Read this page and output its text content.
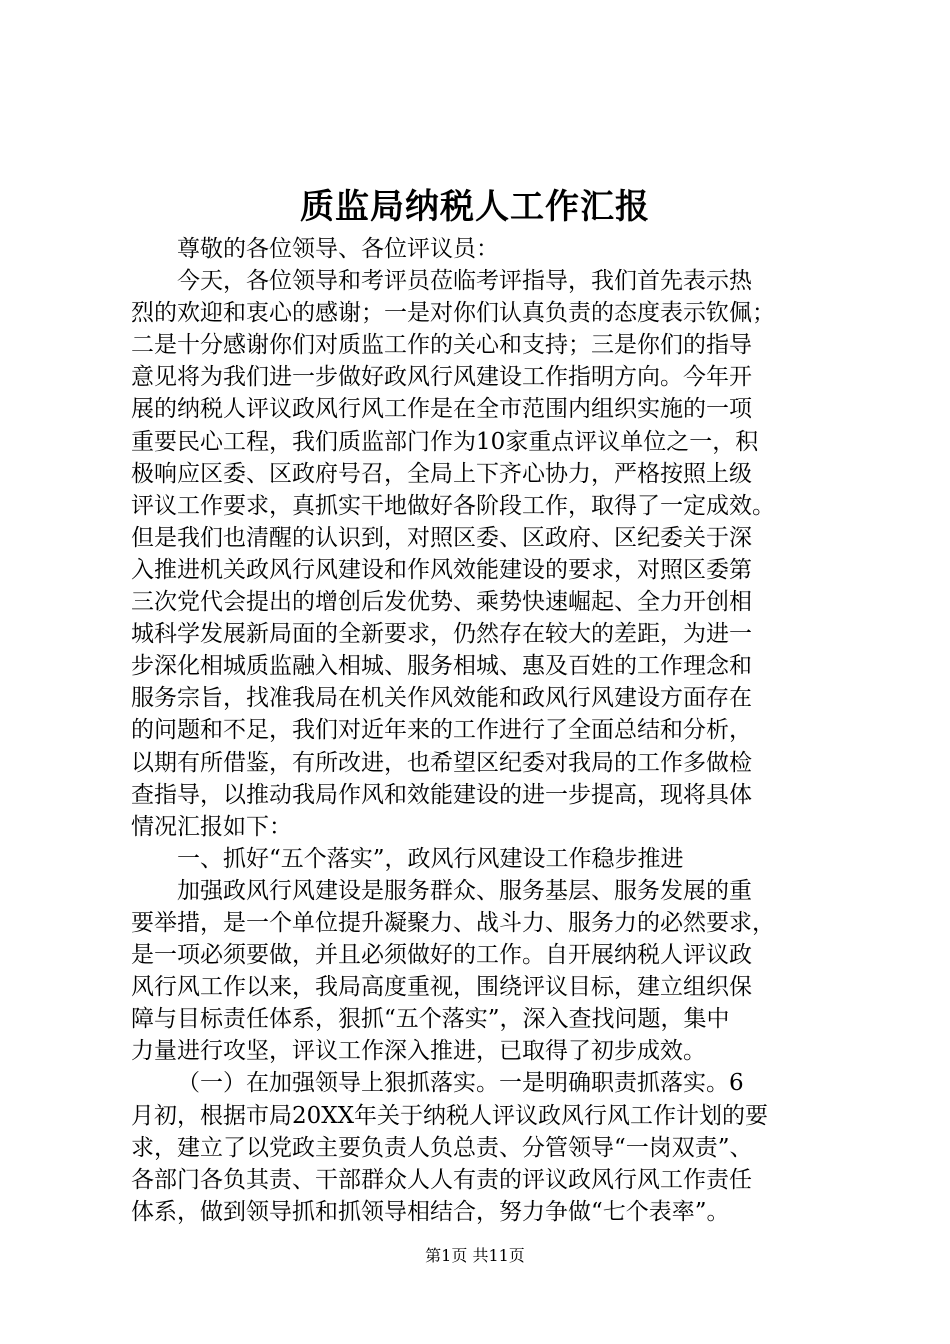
质监局纳税人工作汇报
尊敬的各位领导、各位评议员：
今天，各位领导和考评员莅临考评指导，我们首先表示热
烈的欢迎和衷心的感谢；一是对你们认真负责的态度表示钦佩；
二是十分感谢你们对质监工作的关心和支持；三是你们的指导
意见将为我们进一步做好政风行风建设工作指明方向。今年开
展的纳税人评议政风行风工作是在全市范围内组织实施的一项
重要民心工程，我们质监部门作为10家重点评议单位之一，积
极响应区委、区政府号召，全局上下齐心协力，严格按照上级
评议工作要求，真抓实干地做好各阶段工作，取得了一定成效。
但是我们也清醒的认识到，对照区委、区政府、区纪委关于深
入推进机关政风行风建设和作风效能建设的要求，对照区委第
三次党代会提出的增创后发优势、乘势快速崛起、全力开创相
城科学发展新局面的全新要求，仍然存在较大的差距，为进一
步深化相城质监融入相城、服务相城、惠及百姓的工作理念和
服务宗旨，找准我局在机关作风效能和政风行风建设方面存在
的问题和不足，我们对近年来的工作进行了全面总结和分析，
以期有所借鉴，有所改进，也希望区纪委对我局的工作多做检
查指导，以推动我局作风和效能建设的进一步提高，现将具体
情况汇报如下：
一、抓好“五个落实”，政风行风建设工作稳步推进
加强政风行风建设是服务群众、服务基层、服务发展的重
要举措，是一个单位提升凝聚力、战斗力、服务力的必然要求，
是一项必须要做，并且必须做好的工作。自开展纳税人评议政
风行风工作以来，我局高度重视，围绕评议目标，建立组织保
障与目标责任体系，狠抓“五个落实”，深入查找问题，集中
力量进行攻坚，评议工作深入推进，已取得了初步成效。
（一）在加强领导上狠抓落实。一是明确职责抓落实。6
月初，根据市局20XX年关于纳税人评议政风行风工作计划的要
求，建立了以党政主要负责人负总责、分管领导“一岗双责”、
各部门各负其责、干部群众人人有责的评议政风行风工作责任
体系，做到领导抓和抓领导相结合，努力争做“七个表率”。
第1页 共11页
